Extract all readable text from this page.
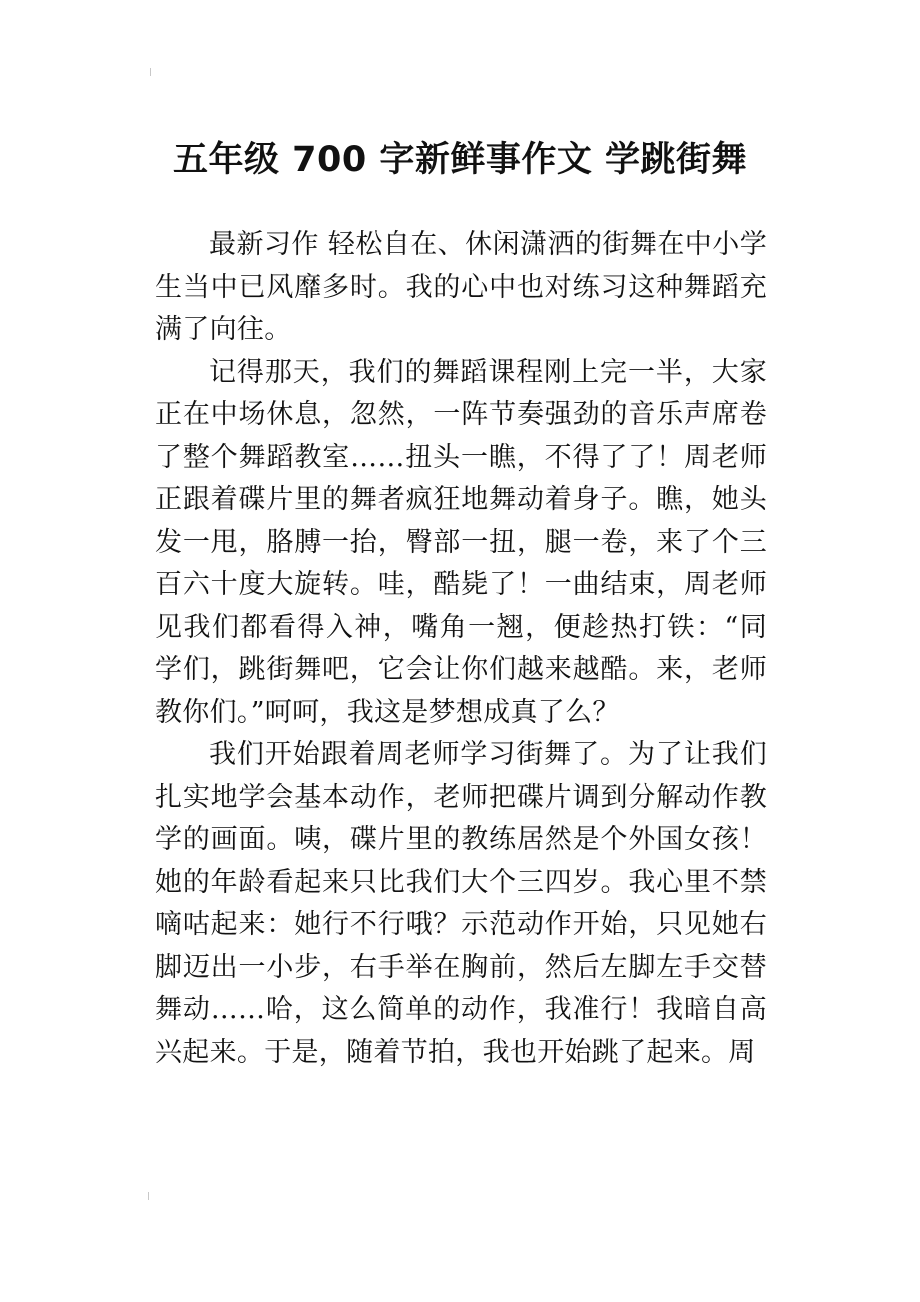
五年级 700 字新鲜事作文 学跳街舞

最新习作 轻松自在、休闲潇洒的街舞在中小学生当中已风靡多时。我的心中也对练习这种舞蹈充满了向往。

记得那天，我们的舞蹈课程刚上完一半，大家正在中场休息，忽然，一阵节奏强劲的音乐声席卷了整个舞蹈教室……扭头一瞧，不得了了！周老师正跟着碟片里的舞者疯狂地舞动着身子。瞧，她头发一甩，胳膊一抬，臀部一扭，腿一卷，来了个三百六十度大旋转。哇，酷毙了！一曲结束，周老师见我们都看得入神，嘴角一翘，便趁热打铁：“同学们，跳街舞吧，它会让你们越来越酷。来，老师教你们。”呵呵，我这是梦想成真了么？

我们开始跟着周老师学习街舞了。为了让我们扎实地学会基本动作，老师把碟片调到分解动作教学的画面。咦，碟片里的教练居然是个外国女孩！她的年龄看起来只比我们大个三四岁。我心里不禁嘀咕起来：她行不行哦？示范动作开始，只见她右脚迈出一小步，右手举在胸前，然后左脚左手交替舞动……哈，这么简单的动作，我准行！我暗自高兴起来。于是，随着节拍，我也开始跳了起来。周
